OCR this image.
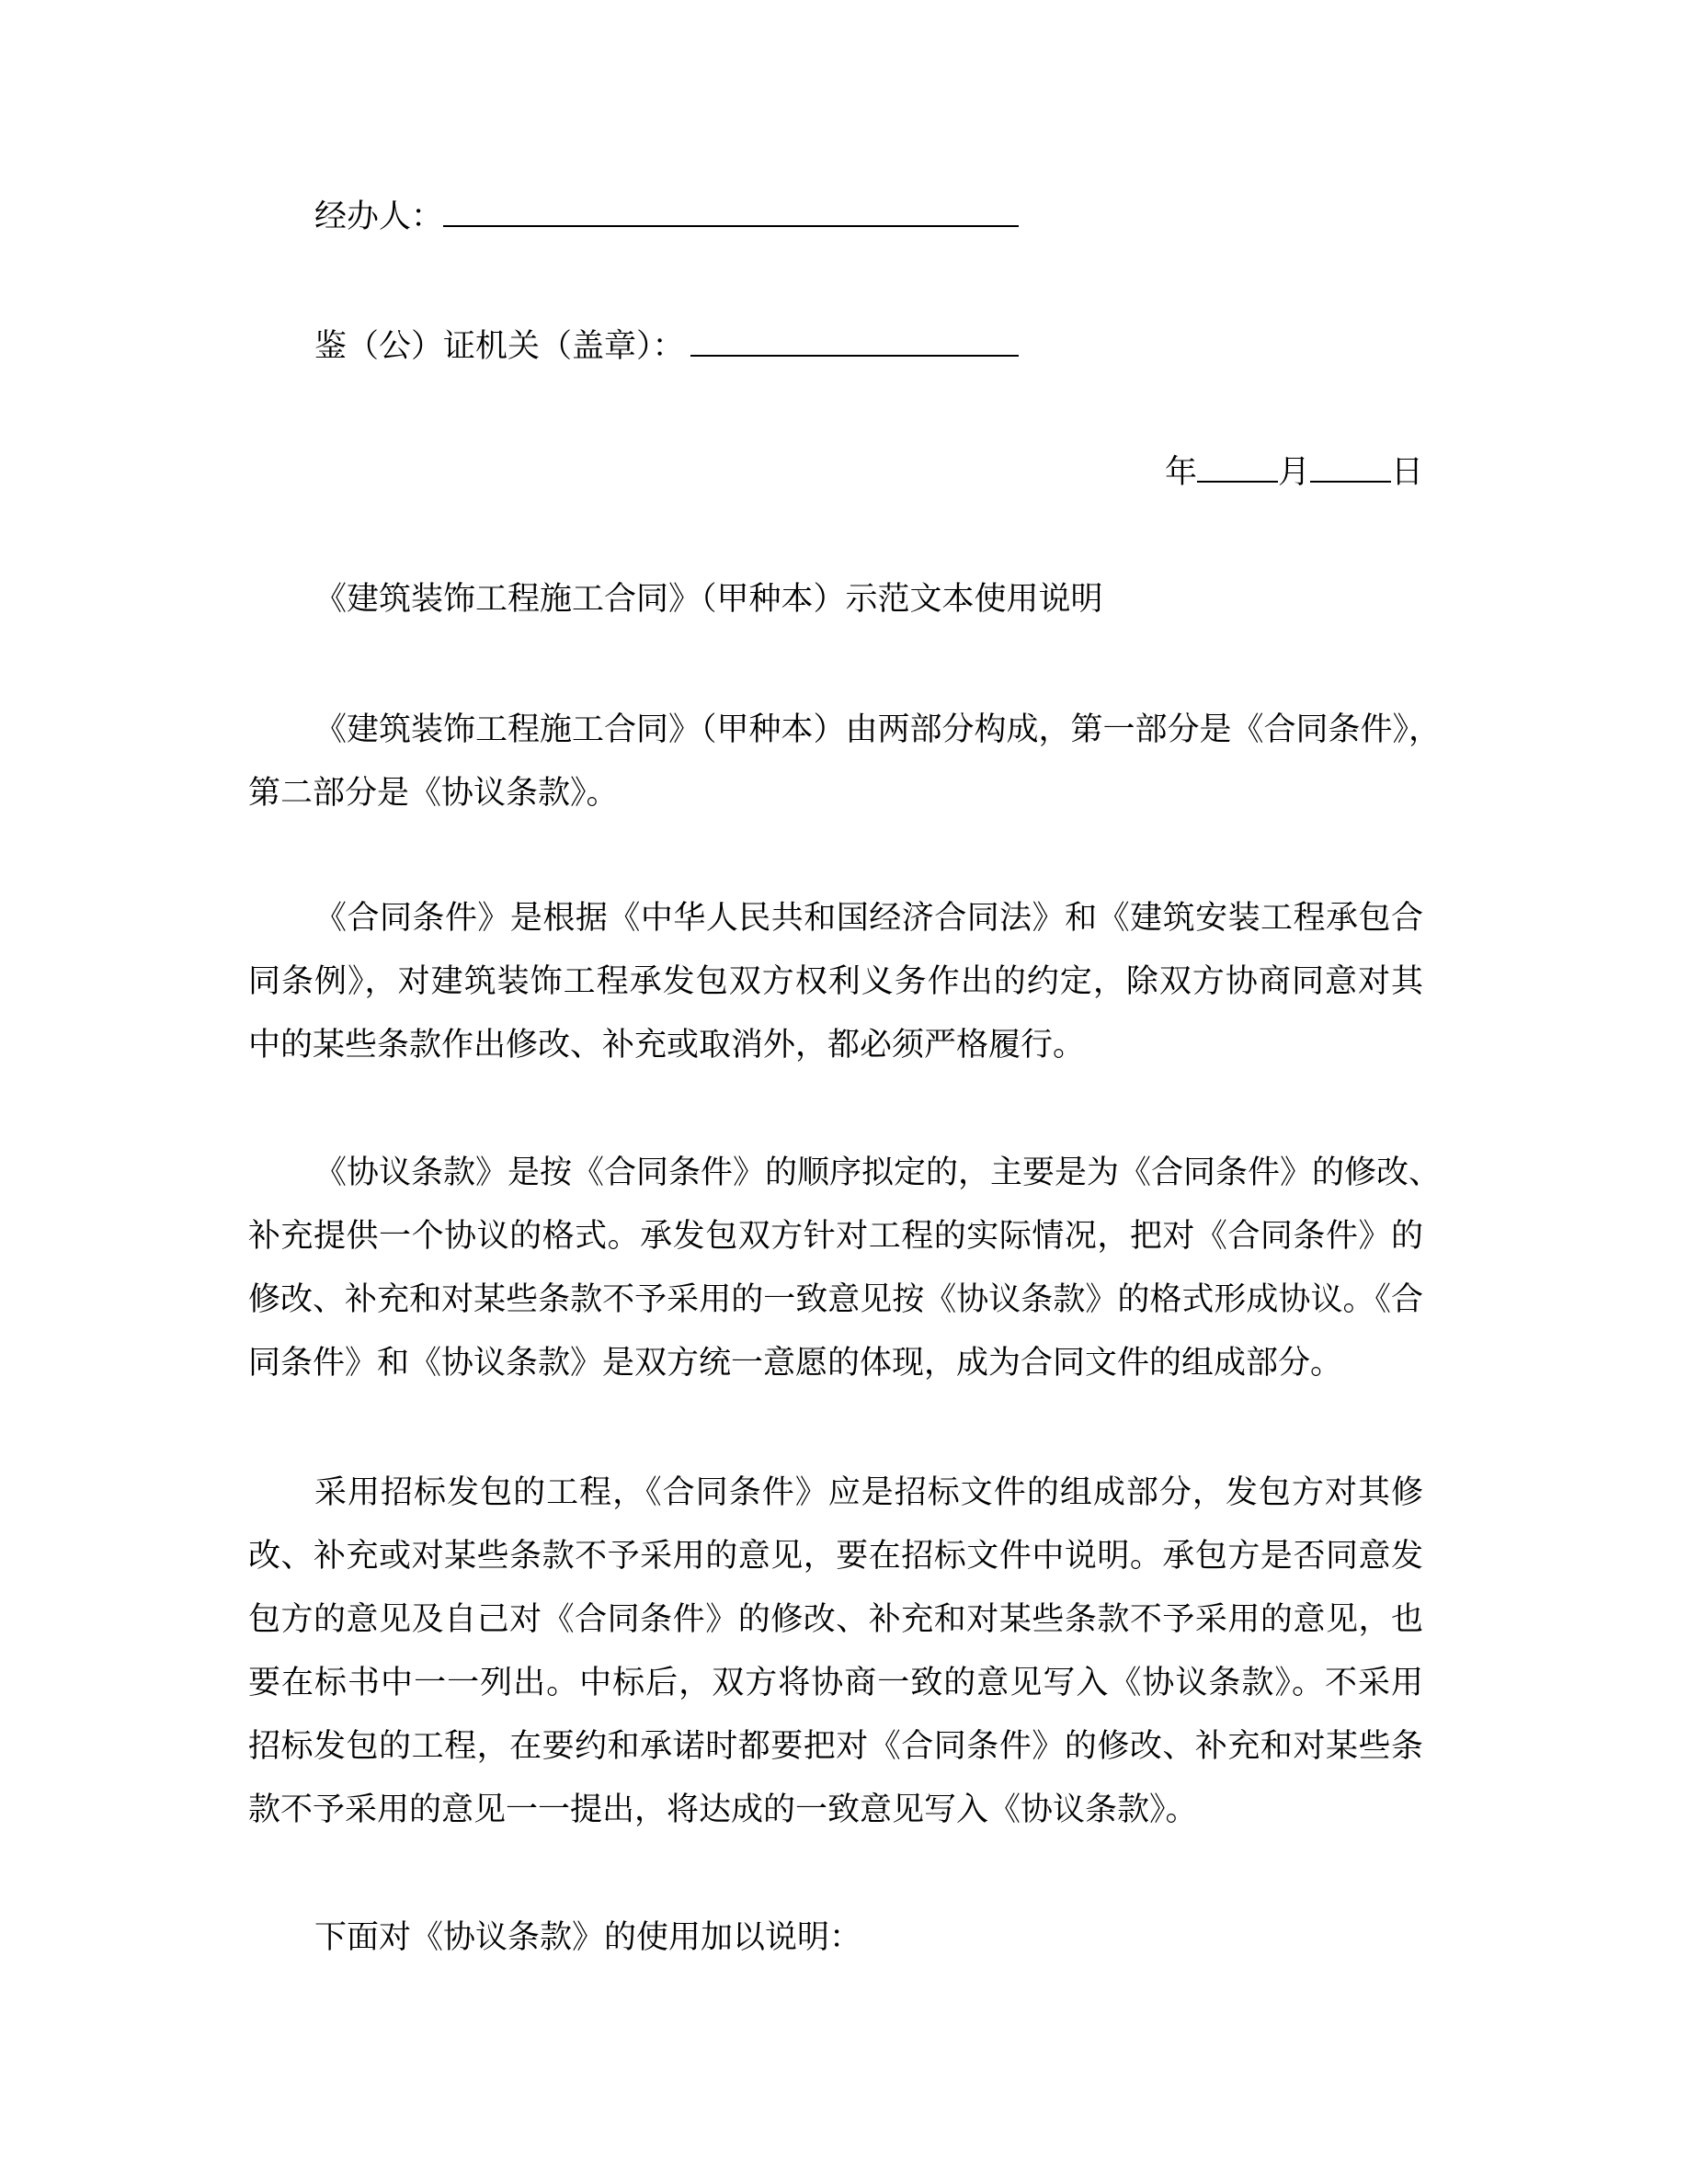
经办人：
鉴（公）证机关（盖章）：
年	月	日
《建筑装饰工程施工合同》（甲种本）示范文本使用说明
《建筑装饰工程施工合同》（甲种本）由两部分构成，第一部分是《合同条件》，
第二部分是《协议条款》。
《合同条件》是根据《中华人民共和国经济合同法》和《建筑安装工程承包合
同条例》，对建筑装饰工程承发包双方权利义务作出的约定，除双方协商同意对其
中的某些条款作出修改、补充或取消外，都必须严格履行。
《协议条款》是按《合同条件》的顺序拟定的，主要是为《合同条件》的修改、
补充提供一个协议的格式。承发包双方针对工程的实际情况，把对《合同条件》的
修改、补充和对某些条款不予采用的一致意见按《协议条款》的格式形成协议。《合
同条件》和《协议条款》是双方统一意愿的体现，成为合同文件的组成部分。
采用招标发包的工程，《合同条件》应是招标文件的组成部分，发包方对其修
改、补充或对某些条款不予采用的意见，要在招标文件中说明。承包方是否同意发
包方的意见及自己对《合同条件》的修改、补充和对某些条款不予采用的意见，也
要在标书中一一列出。中标后，双方将协商一致的意见写入《协议条款》。不采用
招标发包的工程，在要约和承诺时都要把对《合同条件》的修改、补充和对某些条
款不予采用的意见一一提出，将达成的一致意见写入《协议条款》。
下面对《协议条款》的使用加以说明：
